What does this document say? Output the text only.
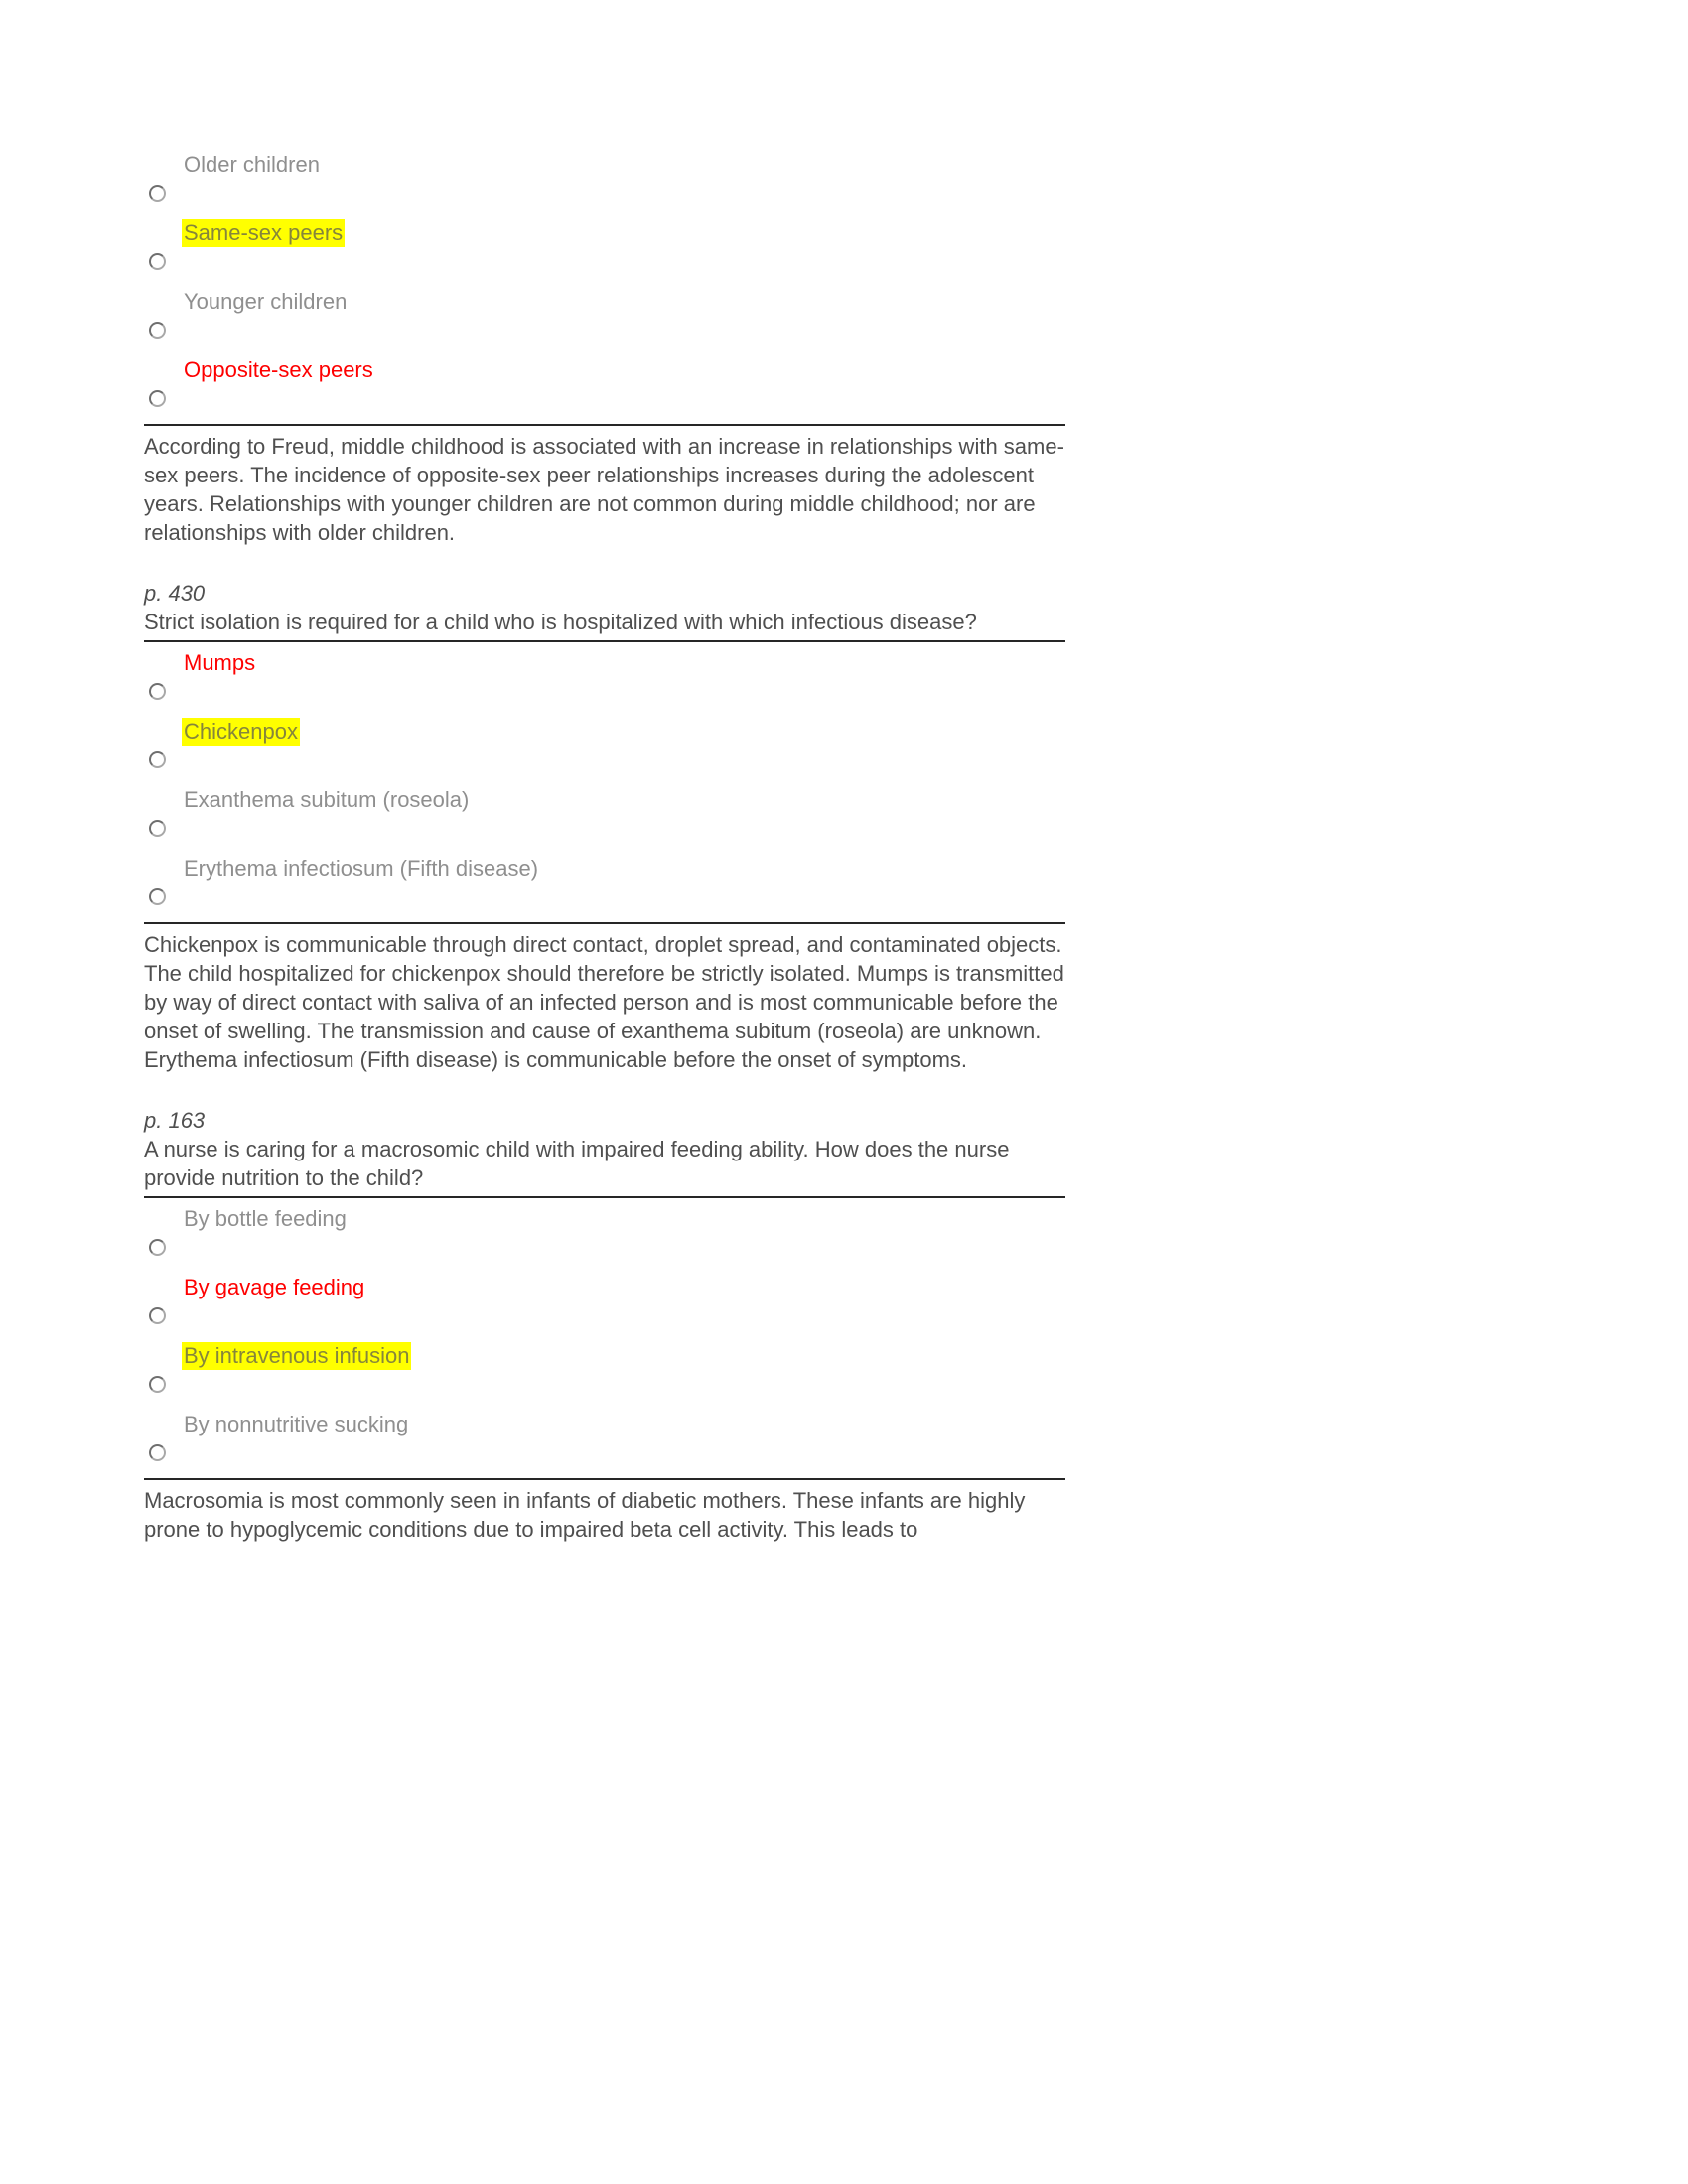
Older children
Same-sex peers
Younger children
Opposite-sex peers

According to Freud, middle childhood is associated with an increase in relationships with same-sex peers. The incidence of opposite-sex peer relationships increases during the adolescent years. Relationships with younger children are not common during middle childhood; nor are relationships with older children.

p. 430

Strict isolation is required for a child who is hospitalized with which infectious disease?

Mumps
Chickenpox
Exanthema subitum (roseola)
Erythema infectiosum (Fifth disease)

Chickenpox is communicable through direct contact, droplet spread, and contaminated objects. The child hospitalized for chickenpox should therefore be strictly isolated. Mumps is transmitted by way of direct contact with saliva of an infected person and is most communicable before the onset of swelling. The transmission and cause of exanthema subitum (roseola) are unknown. Erythema infectiosum (Fifth disease) is communicable before the onset of symptoms.

p. 163

A nurse is caring for a macrosomic child with impaired feeding ability. How does the nurse provide nutrition to the child?

By bottle feeding
By gavage feeding
By intravenous infusion
By nonnutritive sucking

Macrosomia is most commonly seen in infants of diabetic mothers. These infants are highly prone to hypoglycemic conditions due to impaired beta cell activity. This leads to
